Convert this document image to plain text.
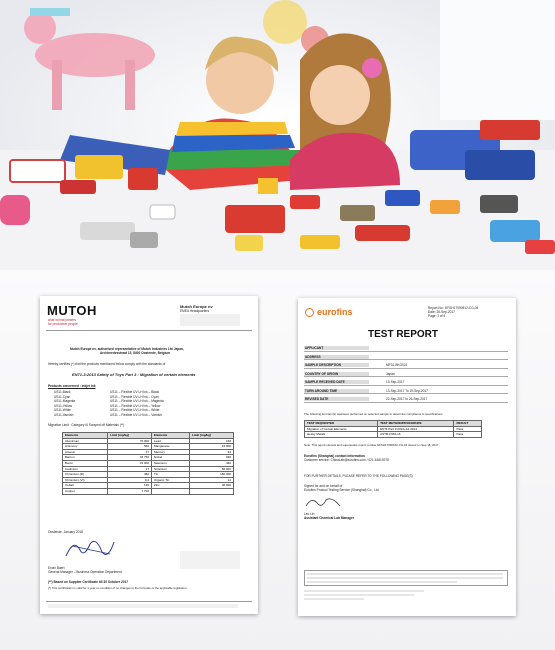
MUTOH
wide format printers
for productive people
Mutoh Europe nv
EMEA Headquarters
Mutoh Europe nv, authorised representative of Mutoh Industries Ltd Japan,
Archimedesstraat 13, 8400 Oostende, Belgium
Hereby certifies (*) that the products mentioned below comply with the standards of
EN71-3:2013 Safety of Toys Part 3 : Migration of certain elements
Products concerned : Inkjet Ink
US11-Black	US11 – Flexible UV LH Ink – Black
US11-Cyan	US11 – Flexible UV LH Ink – Cyan
US11-Magenta	US11 – Flexible UV LH Ink – Magenta
US11-Yellow	US11 – Flexible UV LH Ink – Yellow
US11-White	US11 – Flexible UV LH Ink – White
US11-Varnish	US11 – Flexible UV LH Ink – Varnish
Migration Limit : Category III Scraped off Materials (**)
Elements	Limit [mg/kg]	Elements	Limit [mg/kg]
Aluminium	70 000	Lead	160
Antimony	560	Manganese	15 000
Arsenic	47	Mercury	94
Barium	18 750	Nickel	930
Boron	15 000	Selenium	460
Cadmium	17	Strontium	56 000
Chromium (III)	460	Tin	180 000
Chromium (VI)	0,2	Organic Tin	12
Cobalt	130	Zinc	46 000
Copper	7 700		
Oostende, January 2018
Erwin Baert
General Manager – Business Operation Department
(**) Based on Supplier Certificate till 30 October 2017
(*) This certification is valid for 1 year on condition of no changes to the formulae or the applicable legislation
eurofins	Report No.: EFSH17090912-CG-04
Date: 26-Sep-2017
Page: 1 of 4
TEST REPORT
APPLICANT
ADDRESS
SAMPLE DESCRIPTION	MP31-BKG02J
COUNTRY OF ORIGIN	Japan
SAMPLE RECEIVED DATE	13-Sep-2017
TURN AROUND TIME	13-Sep-2017 To 19-Sep-2017
REVISED DATE	22-Sep-2017 to 26-Sep-2017
The following test item(s) was/were performed on selected sample to determine compliance to specifications
TEST REQUESTED	TEST METHOD/PROCEDURE	RESULT
Migration of Certain Elements	EN71 Part 3:2013+A1:2014	Pass
Heavy Metals	ASTM F963-16	Pass
Note: This report cancels and supersedes report number EFSH17090912-CG-04 issued on Sep 18, 2017
Eurofins (Shanghai) contact information
Customer service: ChinaLab@eurofins.com / 021-61819278
FOR FURTHER DETAILS, PLEASE REFER TO THE FOLLOWING PAGE(S)
Signed for and on behalf of
Eurofins Product Testing Service (Shanghai) Co., Ltd
Leo Lin
Assistant Chemical Lab Manager
